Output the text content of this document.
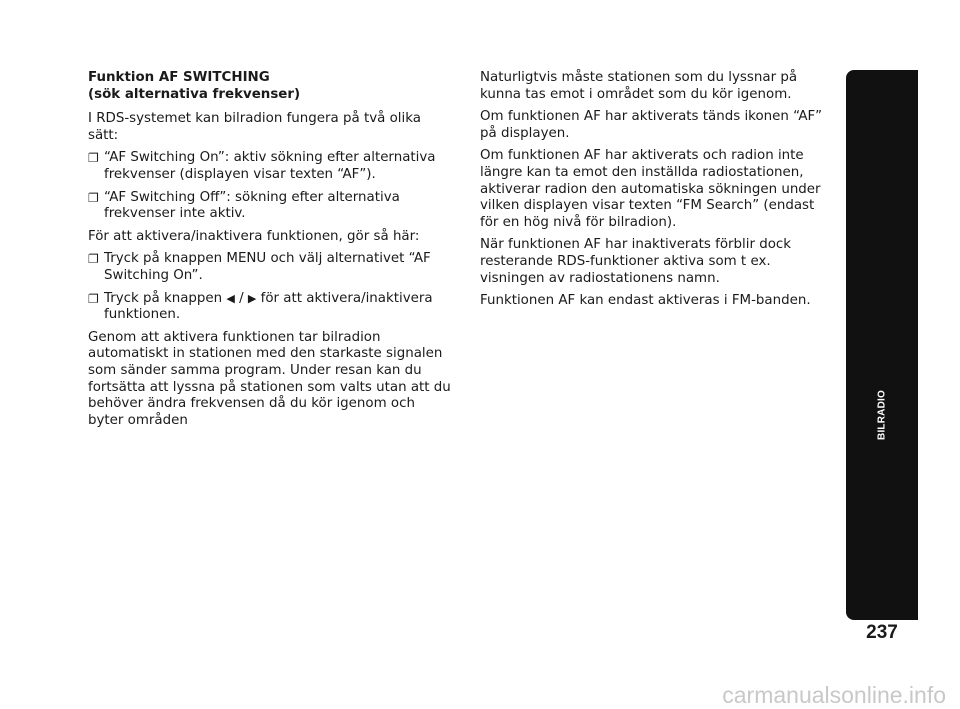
Funktion AF SWITCHING
(sök alternativa frekvenser)

I RDS-systemet kan bilradion fungera på två olika sätt:

❐ “AF Switching On”: aktiv sökning efter alternativa frekvenser (displayen visar texten “AF”).
❐ “AF Switching Off”: sökning efter alternativa frekvenser inte aktiv.

För att aktivera/inaktivera funktionen, gör så här:

❐ Tryck på knappen MENU och välj alternativet “AF Switching On”.
❐ Tryck på knappen ◀ / ▶ för att aktivera/inaktivera funktionen.

Genom att aktivera funktionen tar bilradion automatiskt in stationen med den starkaste signalen som sänder samma program. Under resan kan du fortsätta att lyssna på stationen som valts utan att du behöver ändra frekvensen då du kör igenom och byter områden

Naturligtvis måste stationen som du lyssnar på kunna tas emot i området som du kör igenom.

Om funktionen AF har aktiverats tänds ikonen “AF” på displayen.

Om funktionen AF har aktiverats och radion inte längre kan ta emot den inställda radiostationen, aktiverar radion den automatiska sökningen under vilken displayen visar texten “FM Search” (endast för en hög nivå för bilradion).

När funktionen AF har inaktiverats förblir dock resterande RDS-funktioner aktiva som t ex. visningen av radiostationens namn.

Funktionen AF kan endast aktiveras i FM-banden.

BILRADIO
237
carmanualsonline.info
